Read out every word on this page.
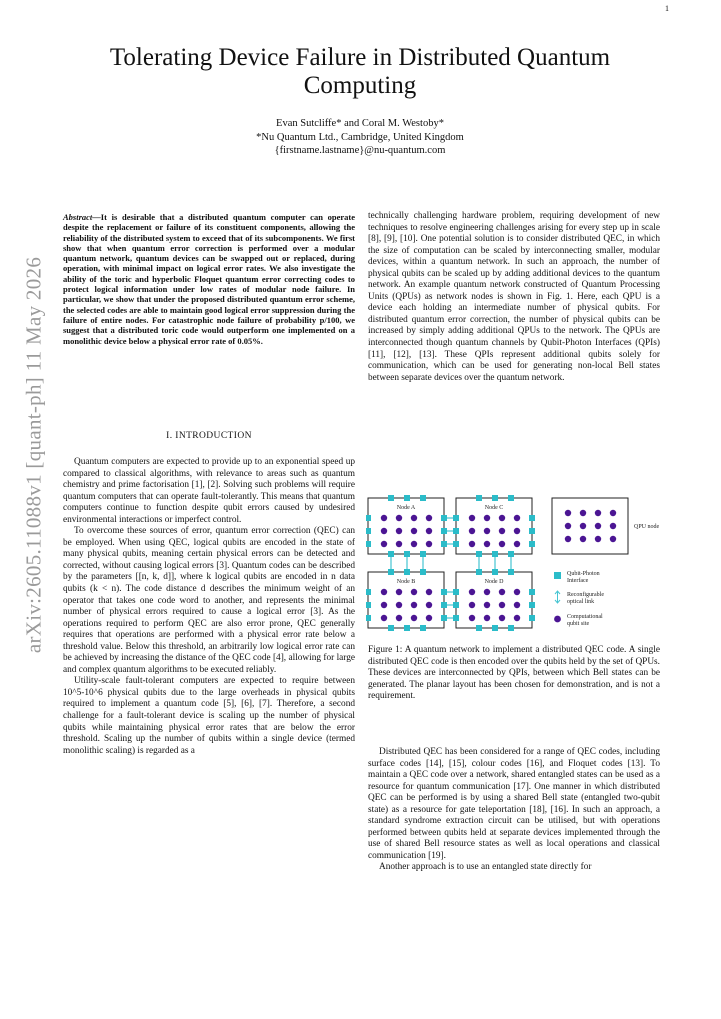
1
arXiv:2605.11088v1 [quant-ph] 11 May 2026
Tolerating Device Failure in Distributed Quantum Computing
Evan Sutcliffe* and Coral M. Westoby*
*Nu Quantum Ltd., Cambridge, United Kingdom
{firstname.lastname}@nu-quantum.com
Abstract—It is desirable that a distributed quantum computer can operate despite the replacement or failure of its constituent components, allowing the reliability of the distributed system to exceed that of its subcomponents. We first show that when quantum error correction is performed over a modular quantum network, quantum devices can be swapped out or replaced, during operation, with minimal impact on logical error rates. We also investigate the ability of the toric and hyperbolic Floquet quantum error correcting codes to protect logical information under low rates of modular node failure. In particular, we show that under the proposed distributed quantum error scheme, the selected codes are able to maintain good logical error suppression during the failure of entire nodes. For catastrophic node failure of probability p/100, we suggest that a distributed toric code would outperform one implemented on a monolithic device below a physical error rate of 0.05%.
I. INTRODUCTION

Quantum computers are expected to provide up to an exponential speed up compared to classical algorithms, with relevance to areas such as quantum chemistry and prime factorisation [1], [2]. Solving such problems will require quantum computers that can operate fault-tolerantly. This means that quantum computers continue to function despite qubit errors caused by undesired environmental interactions or imperfect control.

To overcome these sources of error, quantum error correction (QEC) can be employed. When using QEC, logical qubits are encoded in the state of many physical qubits, meaning certain physical errors can be detected and corrected, without causing logical errors [3]. Quantum codes can be described by the parameters [[n, k, d]], where k logical qubits are encoded in n data qubits (k < n). The code distance d describes the minimum weight of an operator that takes one code word to another, and represents the minimal number of physical errors required to cause a logical error [3]. As the operations required to perform QEC are also error prone, QEC generally requires that operations are performed with a physical error rate below a threshold value. Below this threshold, an arbitrarily low logical error rate can be achieved by increasing the distance of the QEC code [4], allowing for large and complex quantum algorithms to be executed reliably.

Utility-scale fault-tolerant computers are expected to require between 10^5-10^6 physical qubits due to the large overheads in physical qubits required to implement a quantum code [5], [6], [7]. Therefore, a second challenge for a fault-tolerant device is scaling up the number of physical qubits while maintaining physical error rates that are below the error threshold. Scaling up the number of qubits within a single device (termed monolithic scaling) is regarded as a

technically challenging hardware problem, requiring development of new techniques to resolve engineering challenges arising for every step up in scale [8], [9], [10]. One potential solution is to consider distributed QEC, in which the size of computation can be scaled by interconnecting smaller, modular devices, within a quantum network. In such an approach, the number of physical qubits can be scaled up by adding additional devices to the quantum network. An example quantum network constructed of Quantum Processing Units (QPUs) as network nodes is shown in Fig. 1. Here, each QPU is a device each holding an intermediate number of physical qubits. For distributed quantum error correction, the number of physical qubits can be increased by simply adding additional QPUs to the network. The QPUs are interconnected though quantum channels by Qubit-Photon Interfaces (QPIs) [11], [12], [13]. These QPIs represent additional qubits solely for communication, which can be used for generating non-local Bell states between separate devices over the quantum network.

Node A	Node C
Node B	Node D
QPU node
Qubit-Photon
Interface
Reconfigurable
optical link
Computational
qubit site
Figure 1: A quantum network to implement a distributed QEC code. A single distributed QEC code is then encoded over the qubits held by the set of QPUs. These devices are interconnected by QPIs, between which Bell states can be generated. The planar layout has been chosen for demonstration, and is not a requirement.

Distributed QEC has been considered for a range of QEC codes, including surface codes [14], [15], colour codes [16], and Floquet codes [13]. To maintain a QEC code over a network, shared entangled states can be used as a resource for quantum communication [17]. One manner in which distributed QEC can be performed is by using a shared Bell state (entangled two-qubit state) as a resource for gate teleportation [18], [16]. In such an approach, a standard syndrome extraction circuit can be utilised, but with operations performed between qubits held at separate devices implemented through the use of shared Bell resource states as well as local operations and classical communication [19].

Another approach is to use an entangled state directly for
